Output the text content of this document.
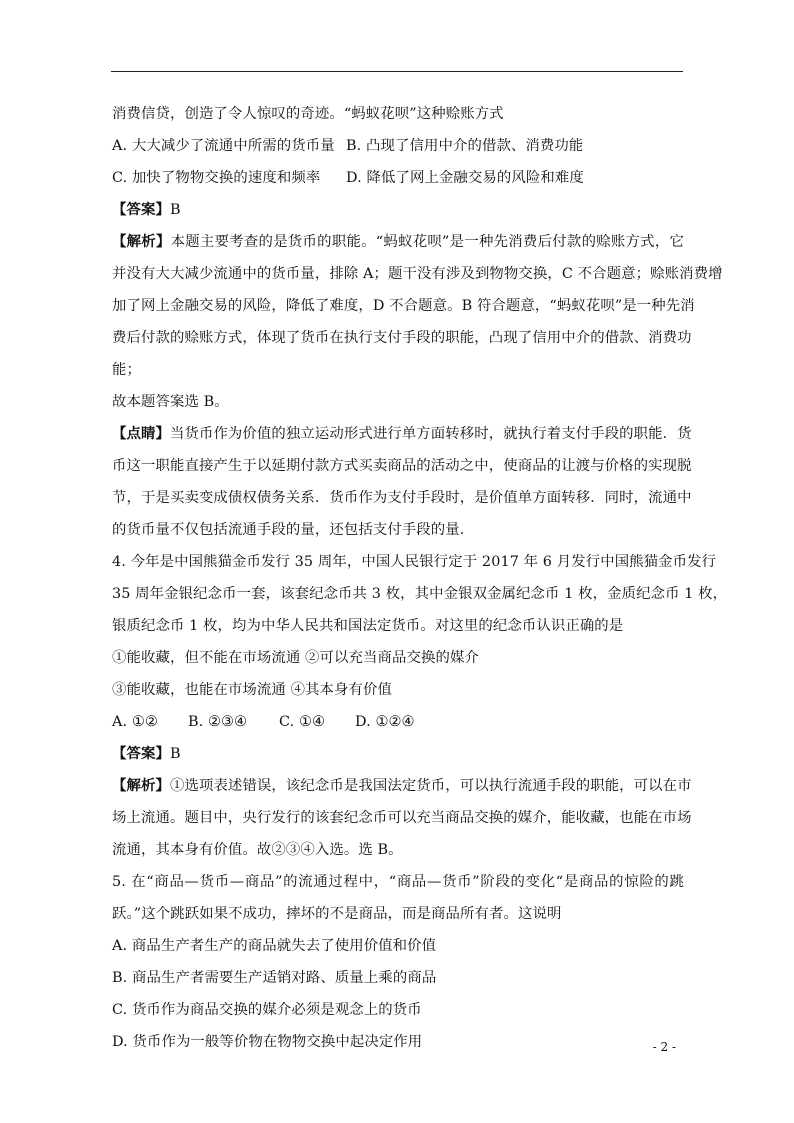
消费信贷，创造了令人惊叹的奇迹。“蚂蚁花呗”这种赊账方式
A. 大大减少了流通中所需的货币量 B. 凸现了信用中介的借款、消费功能
C. 加快了物物交换的速度和频率	D. 降低了网上金融交易的风险和难度
【答案】B
【解析】本题主要考查的是货币的职能。“蚂蚁花呗”是一种先消费后付款的赊账方式，它
并没有大大减少流通中的货币量，排除 A；题干没有涉及到物物交换，C 不合题意；赊账消费增
加了网上金融交易的风险，降低了难度，D 不合题意。B 符合题意，“蚂蚁花呗”是一种先消
费后付款的赊账方式，体现了货币在执行支付手段的职能，凸现了信用中介的借款、消费功
能；
故本题答案选 B。
【点睛】当货币作为价值的独立运动形式进行单方面转移时，就执行着支付手段的职能．货
币这一职能直接产生于以延期付款方式买卖商品的活动之中，使商品的让渡与价格的实现脱
节，于是买卖变成债权债务关系．货币作为支付手段时，是价值单方面转移．同时，流通中
的货币量不仅包括流通手段的量，还包括支付手段的量．
4. 今年是中国熊猫金币发行 35 周年，中国人民银行定于 2017 年 6 月发行中国熊猫金币发行
35 周年金银纪念币一套，该套纪念币共 3 枚，其中金银双金属纪念币 1 枚，金质纪念币 1 枚，
银质纪念币 1 枚，均为中华人民共和国法定货币。对这里的纪念币认识正确的是
①能收藏，但不能在市场流通 ②可以充当商品交换的媒介
③能收藏，也能在市场流通 ④其本身有价值
A. ①②	B. ②③④	C. ①④	D. ①②④
【答案】B
【解析】①选项表述错误，该纪念币是我国法定货币，可以执行流通手段的职能，可以在市
场上流通。题目中，央行发行的该套纪念币可以充当商品交换的媒介，能收藏，也能在市场
流通，其本身有价值。故②③④入选。选 B。
5. 在“商品—货币—商品”的流通过程中，“商品—货币”阶段的变化“是商品的惊险的跳
跃。”这个跳跃如果不成功，摔坏的不是商品，而是商品所有者。这说明
A. 商品生产者生产的商品就失去了使用价值和价值
B. 商品生产者需要生产适销对路、质量上乘的商品
C. 货币作为商品交换的媒介必须是观念上的货币
D. 货币作为一般等价物在物物交换中起决定作用	- 2 -
